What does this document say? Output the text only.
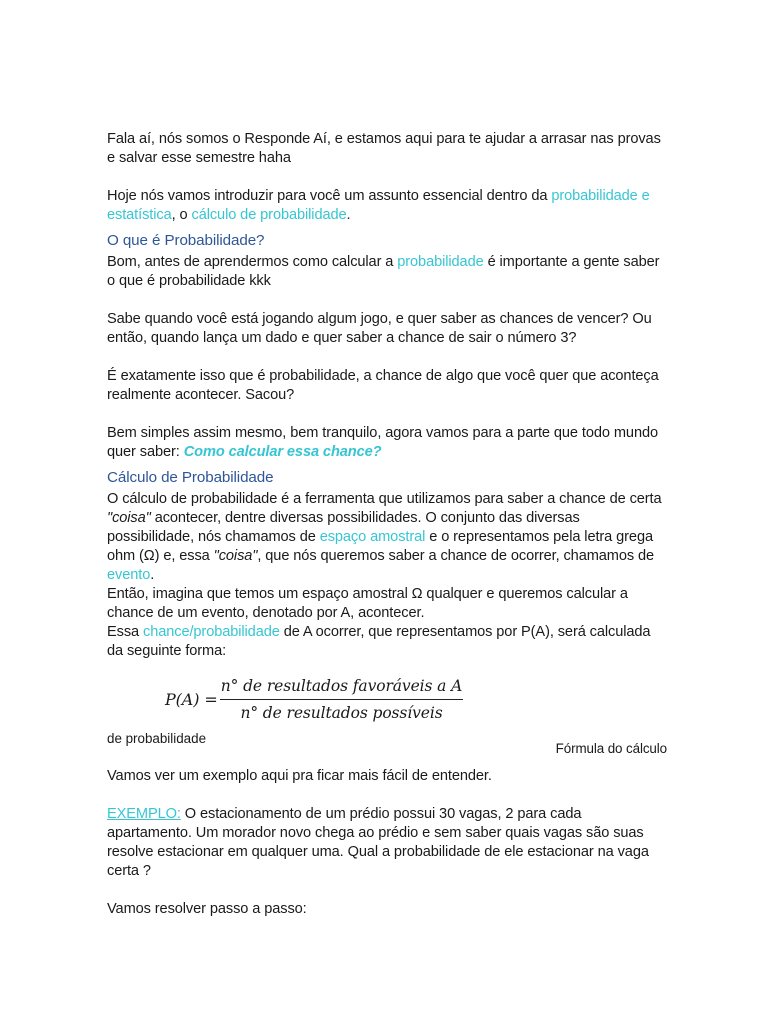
Fala aí, nós somos o Responde Aí, e estamos aqui para te ajudar a arrasar nas provas e salvar esse semestre haha

Hoje nós vamos introduzir para você um assunto essencial dentro da probabilidade e estatística, o cálculo de probabilidade.

O que é Probabilidade?

Bom, antes de aprendermos como calcular a probabilidade é importante a gente saber o que é probabilidade kkk

Sabe quando você está jogando algum jogo, e quer saber as chances de vencer? Ou então, quando lança um dado e quer saber a chance de sair o número 3?

É exatamente isso que é probabilidade, a chance de algo que você quer que aconteça realmente acontecer. Sacou?

Bem simples assim mesmo, bem tranquilo, agora vamos para a parte que todo mundo quer saber: Como calcular essa chance?

Cálculo de Probabilidade

O cálculo de probabilidade é a ferramenta que utilizamos para saber a chance de certa "coisa" acontecer, dentre diversas possibilidades. O conjunto das diversas possibilidade, nós chamamos de espaço amostral e o representamos pela letra grega ohm (Ω) e, essa "coisa", que nós queremos saber a chance de ocorrer, chamamos de evento.

Então, imagina que temos um espaço amostral Ω qualquer e queremos calcular a chance de um evento, denotado por A, acontecer.

Essa chance/probabilidade de A ocorrer, que representamos por P(A), será calculada da seguinte forma:

P(A) =
n° de resultados favoráveis a A
n° de resultados possíveis

Fórmula do cálculo

de probabilidade

Vamos ver um exemplo aqui pra ficar mais fácil de entender.

EXEMPLO: O estacionamento de um prédio possui 30 vagas, 2 para cada apartamento. Um morador novo chega ao prédio e sem saber quais vagas são suas resolve estacionar em qualquer uma. Qual a probabilidade de ele estacionar na vaga certa ?

Vamos resolver passo a passo:
